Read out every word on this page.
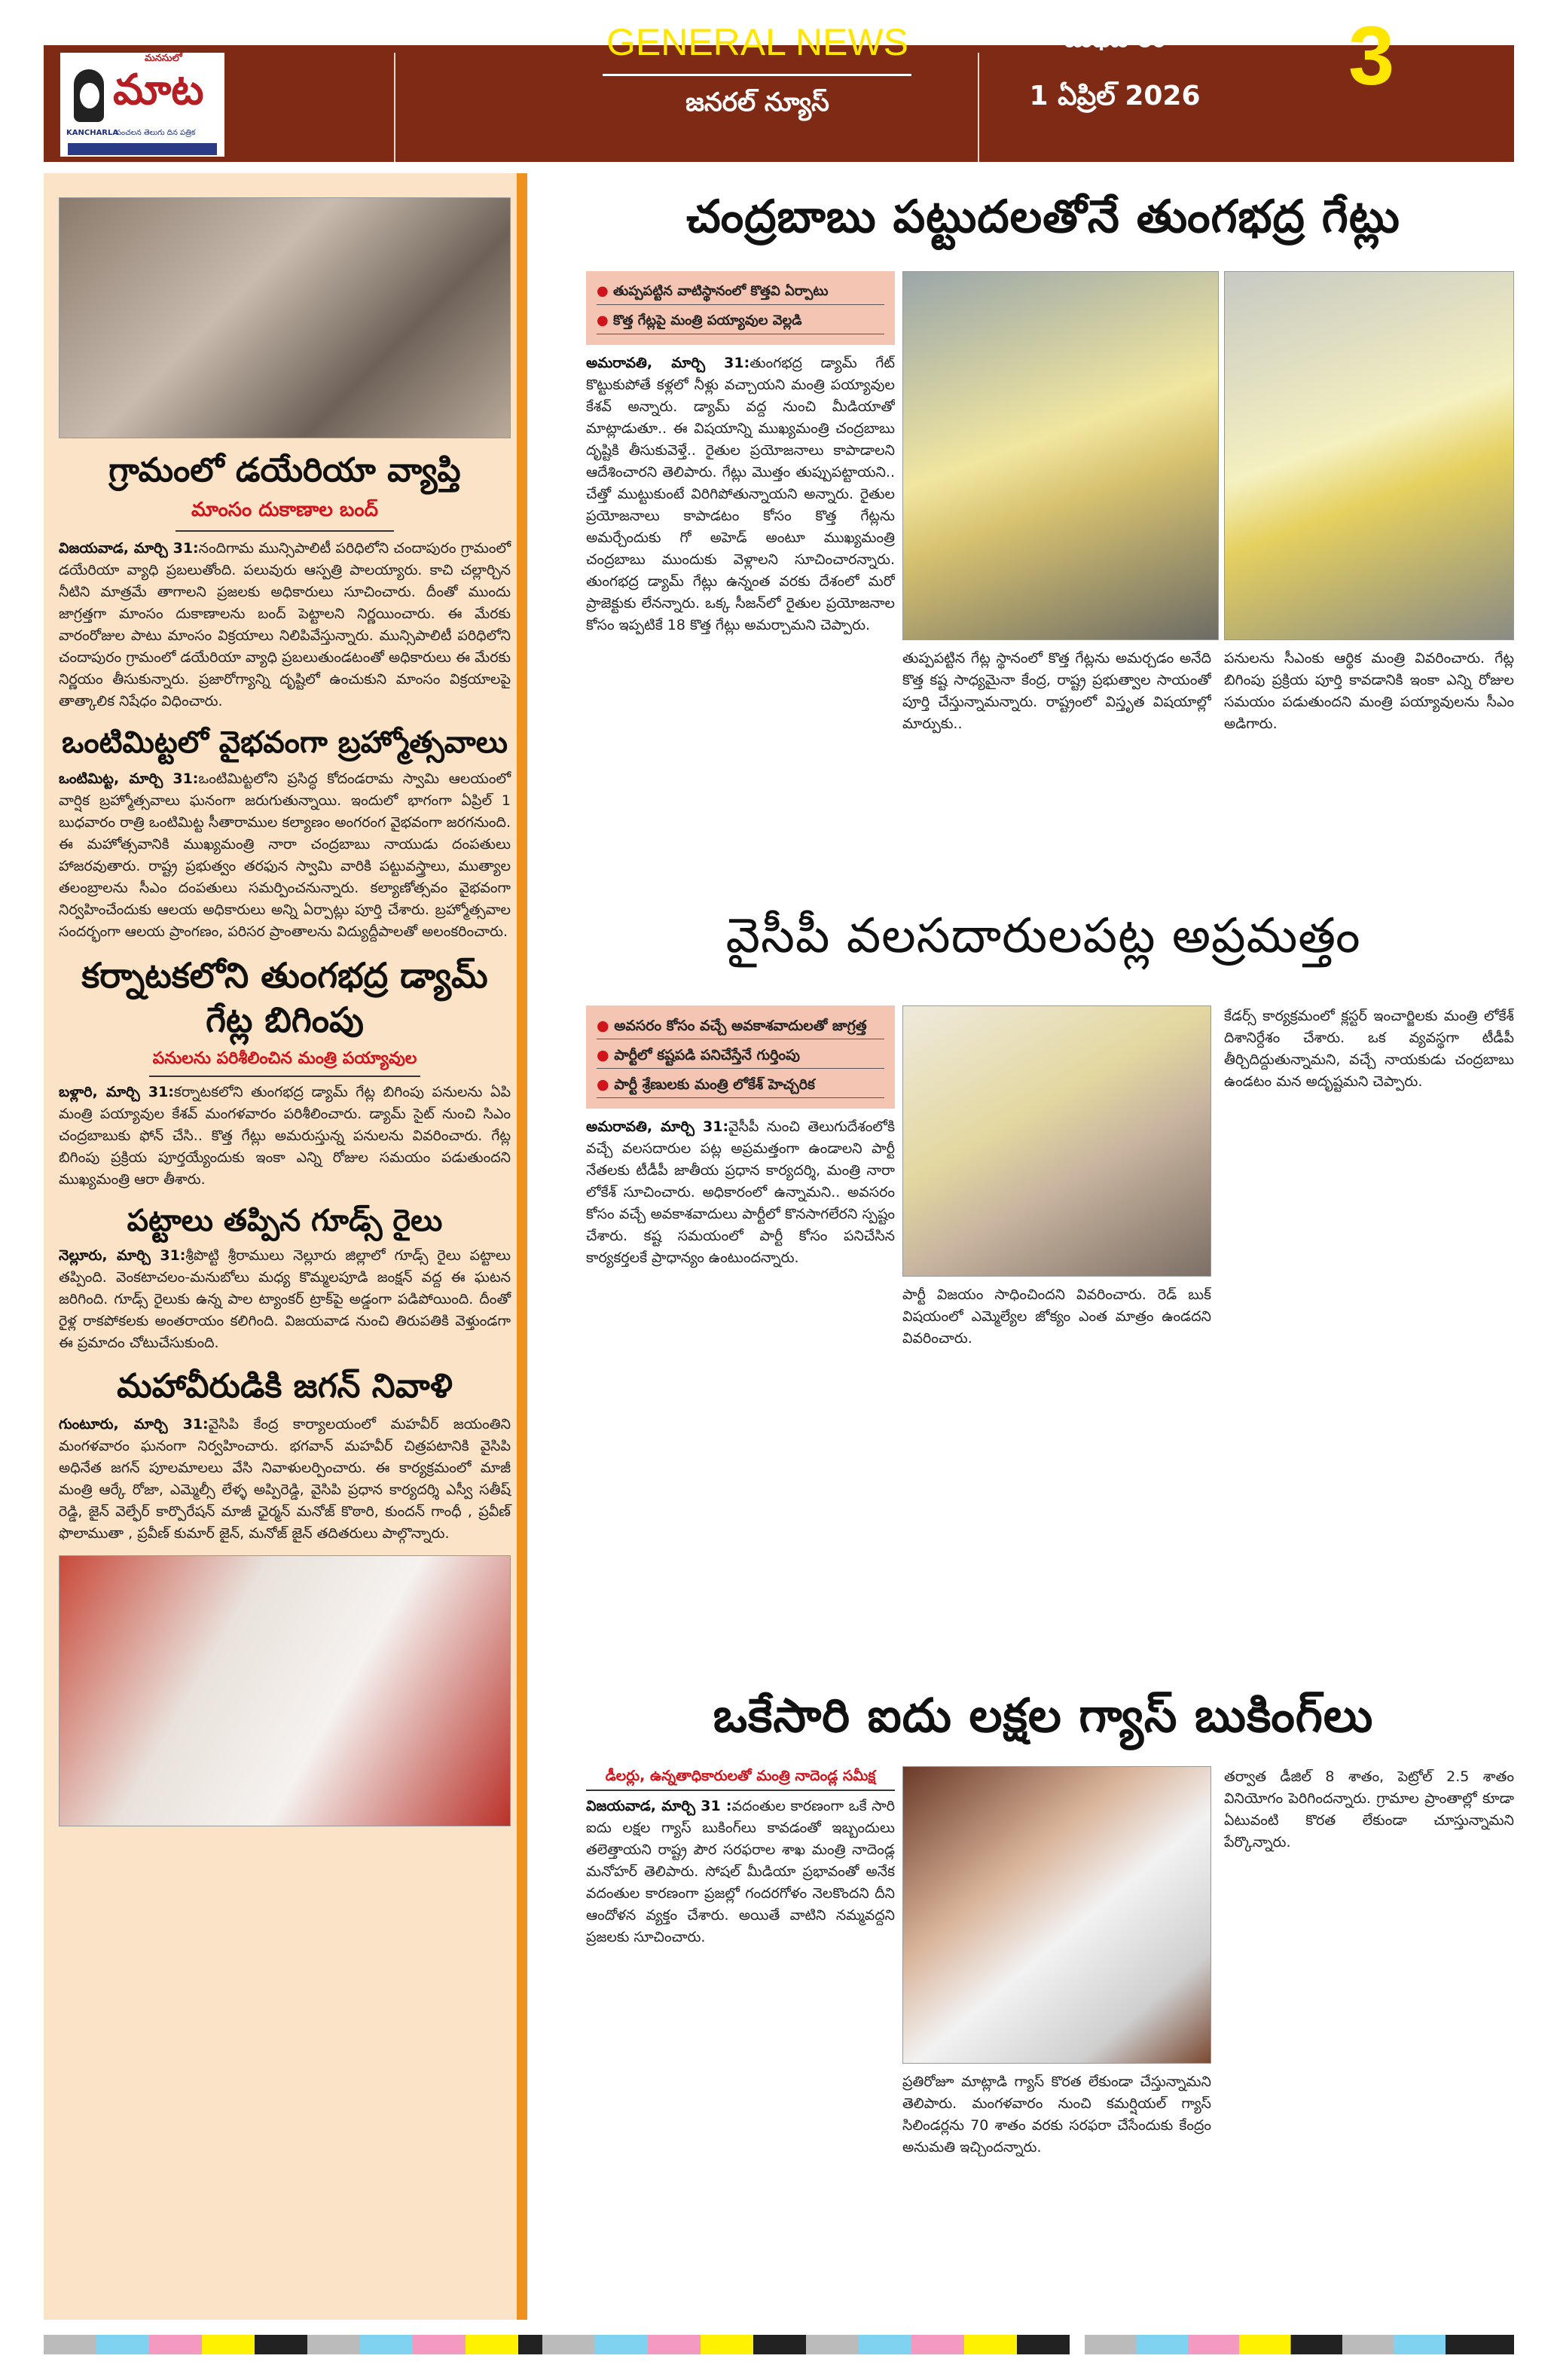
మనసులో
మాట
KANCHARLA
సంచలన తెలుగు దిన పత్రిక
GENERAL NEWS
జనరల్ న్యూస్
బుధవారం
1 ఏప్రిల్ 2026 3
గ్రామంలో డయేరియా వ్యాప్తి
మాంసం దుకాణాల బంద్

విజయవాడ, మార్చి 31:నందిగామ మున్సిపాలిటీ పరిధిలోని చందాపురం గ్రామంలో డయేరియా వ్యాధి ప్రబలుతోంది. పలువురు ఆస్పత్రి పాలయ్యారు. కాచి చల్లార్చిన నీటిని మాత్రమే తాగాలని ప్రజలకు అధికారులు సూచించారు. దీంతో ముందు జాగ్రత్తగా మాంసం దుకాణాలను బంద్ పెట్టాలని నిర్ణయించారు. ఈ మేరకు వారంరోజుల పాటు మాంసం విక్రయాలు నిలిపివేస్తున్నారు. మున్సిపాలిటీ పరిధిలోని చందాపురం గ్రామంలో డయేరియా వ్యాధి ప్రబలుతుండటంతో అధికారులు ఈ మేరకు నిర్ణయం తీసుకున్నారు. ప్రజారోగ్యాన్ని దృష్టిలో ఉంచుకుని మాంసం విక్రయాలపై తాత్కాలిక నిషేధం విధించారు.

ఒంటిమిట్టలో వైభవంగా బ్రహ్మోత్సవాలు

ఒంటిమిట్ట, మార్చి 31:ఒంటిమిట్టలోని ప్రసిద్ధ కోదండరామ స్వామి ఆలయంలో వార్షిక బ్రహ్మోత్సవాలు ఘనంగా జరుగుతున్నాయి. ఇందులో భాగంగా ఏప్రిల్ 1 బుధవారం రాత్రి ఒంటిమిట్ట సీతారాముల కల్యాణం అంగరంగ వైభవంగా జరగనుంది. ఈ మహోత్సవానికి ముఖ్యమంత్రి నారా చంద్రబాబు నాయుడు దంపతులు హాజరవుతారు. రాష్ట్ర ప్రభుత్వం తరఫున స్వామి వారికి పట్టువస్త్రాలు, ముత్యాల తలంబ్రాలను సీఎం దంపతులు సమర్పించనున్నారు. కల్యాణోత్సవం వైభవంగా నిర్వహించేందుకు ఆలయ అధికారులు అన్ని ఏర్పాట్లు పూర్తి చేశారు. బ్రహ్మోత్సవాల సందర్భంగా ఆలయ ప్రాంగణం, పరిసర ప్రాంతాలను విద్యుద్దీపాలతో అలంకరించారు.

కర్నాటకలోని తుంగభద్ర డ్యామ్ గేట్ల బిగింపు
పనులను పరిశీలించిన మంత్రి పయ్యావుల

బళ్లారి, మార్చి 31:కర్నాటకలోని తుంగభద్ర డ్యామ్ గేట్ల బిగింపు పనులను ఏపి మంత్రి పయ్యావుల కేశవ్ మంగళవారం పరిశీలించారు. డ్యామ్ సైట్ నుంచి సిఎం చంద్రబాబుకు ఫోన్ చేసి.. కొత్త గేట్లు అమరుస్తున్న పనులను వివరించారు. గేట్ల బిగింపు ప్రక్రియ పూర్తయ్యేందుకు ఇంకా ఎన్ని రోజుల సమయం పడుతుందని ముఖ్యమంత్రి ఆరా తీశారు.

పట్టాలు తప్పిన గూడ్స్ రైలు

నెల్లూరు, మార్చి 31:శ్రీపొట్టి శ్రీరాములు నెల్లూరు జిల్లాలో గూడ్స్ రైలు పట్టాలు తప్పింది. వెంకటాచలం-మనుబోలు మధ్య కొమ్మలపూడి జంక్షన్ వద్ద ఈ ఘటన జరిగింది. గూడ్స్ రైలుకు ఉన్న పాల ట్యాంకర్ ట్రాక్‌పై అడ్డంగా పడిపోయింది. దీంతో రైళ్ల రాకపోకలకు అంతరాయం కలిగింది. విజయవాడ నుంచి తిరుపతికి వెళ్తుండగా ఈ ప్రమాదం చోటుచేసుకుంది.

మహావీరుడికి జగన్ నివాళి

గుంటూరు, మార్చి 31:వైసిపి కేంద్ర కార్యాలయంలో మహవీర్ జయంతిని మంగళవారం ఘనంగా నిర్వహించారు. భగవాన్ మహవీర్ చిత్రపటానికి వైసిపి అధినేత జగన్ పూలమాలలు వేసి నివాళులర్పించారు. ఈ కార్యక్రమంలో మాజీ మంత్రి ఆర్కే రోజా, ఎమ్మెల్సీ లేళ్ళ అప్పిరెడ్డి, వైసిపి ప్రధాన కార్యదర్శి ఎస్వీ సతీష్ రెడ్డి, జైన్ వెల్ఫేర్ కార్పొరేషన్ మాజీ ఛైర్మన్ మనోజ్ కొఠారి, కుందన్ గాంధీ , ప్రవీణ్ ఫొలాముతా , ప్రవీణ్ కుమార్ జైన్, మనోజ్ జైన్ తదితరులు పాల్గొన్నారు.

చంద్రబాబు పట్టుదలతోనే తుంగభద్ర గేట్లు
● తుప్పపట్టిన వాటిస్థానంలో కొత్తవి ఏర్పాటు
● కొత్త గేట్లపై మంత్రి పయ్యావుల వెల్లడి

అమరావతి, మార్చి 31:తుంగభద్ర డ్యామ్ గేట్ కొట్టుకుపోతే కళ్లలో నీళ్లు వచ్చాయని మంత్రి పయ్యావుల కేశవ్ అన్నారు. డ్యామ్ వద్ద నుంచి మీడియాతో మాట్లాడుతూ.. ఈ విషయాన్ని ముఖ్యమంత్రి చంద్రబాబు దృష్టికి తీసుకువెళ్తే.. రైతుల ప్రయోజనాలు కాపాడాలని ఆదేశించారని తెలిపారు. గేట్లు మొత్తం తుప్పుపట్టాయని.. చేత్తో ముట్టుకుంటే విరిగిపోతున్నాయని అన్నారు. రైతుల ప్రయోజనాలు కాపాడటం కోసం కొత్త గేట్లను అమర్చేందుకు గో అహెడ్ అంటూ ముఖ్యమంత్రి చంద్రబాబు ముందుకు వెళ్లాలని సూచించారన్నారు. తుంగభద్ర డ్యామ్ గేట్లు ఉన్నంత వరకు దేశంలో మరో ప్రాజెక్టుకు లేనన్నారు. ఒక్క సీజన్‌లో రైతుల ప్రయోజనాల కోసం ఇప్పటికే 18 కొత్త గేట్లు అమర్చామని చెప్పారు.

తుప్పపట్టిన గేట్ల స్థానంలో కొత్త గేట్లను అమర్చడం అనేది కొత్త కష్ట సాధ్యమైనా కేంద్ర, రాష్ట్ర ప్రభుత్వాల సాయంతో పూర్తి చేస్తున్నామన్నారు. రాష్ట్రంలో విస్తృత విషయాల్లో మార్పుకు..

పనులను సీఎంకు ఆర్థిక మంత్రి వివరించారు. గేట్ల బిగింపు ప్రక్రియ పూర్తి కావడానికి ఇంకా ఎన్ని రోజుల సమయం పడుతుందని మంత్రి పయ్యావులను సీఎం అడిగారు.

వైసీపీ వలసదారులపట్ల అప్రమత్తం
● అవసరం కోసం వచ్చే అవకాశవాదులతో జాగ్రత్త
● పార్టీలో కష్టపడి పనిచేస్తేనే గుర్తింపు
● పార్టీ శ్రేణులకు మంత్రి లోకేశ్ హెచ్చరిక

అమరావతి, మార్చి 31:వైసీపీ నుంచి తెలుగుదేశంలోకి వచ్చే వలసదారుల పట్ల అప్రమత్తంగా ఉండాలని పార్టీ నేతలకు టీడీపీ జాతీయ ప్రధాన కార్యదర్శి, మంత్రి నారా లోకేశ్ సూచించారు. అధికారంలో ఉన్నామని.. అవసరం కోసం వచ్చే అవకాశవాదులు పార్టీలో కొనసాగలేరని స్పష్టం చేశారు. కష్ట సమయంలో పార్టీ కోసం పనిచేసిన కార్యకర్తలకే ప్రాధాన్యం ఉంటుందన్నారు.

పార్టీ విజయం సాధించిందని వివరించారు. రెడ్ బుక్ విషయంలో ఎమ్మెల్యేల జోక్యం ఎంత మాత్రం ఉండదని వివరించారు.

కేడర్స్ కార్యక్రమంలో క్లస్టర్ ఇంచార్జిలకు మంత్రి లోకేశ్ దిశానిర్దేశం చేశారు. ఒక వ్యవస్థగా టీడీపీ తీర్చిదిద్దుతున్నామని, వచ్చే నాయకుడు చంద్రబాబు ఉండటం మన అదృష్టమని చెప్పారు.

ఒకేసారి ఐదు లక్షల గ్యాస్ బుకింగ్‌లు
డీలర్లు, ఉన్నతాధికారులతో మంత్రి నాదెండ్ల సమీక్ష

విజయవాడ, మార్చి 31 :వదంతుల కారణంగా ఒకే సారి ఐదు లక్షల గ్యాస్ బుకింగ్‌లు కావడంతో ఇబ్బందులు తలెత్తాయని రాష్ట్ర పౌర సరఫరాల శాఖ మంత్రి నాదెండ్ల మనోహర్ తెలిపారు. సోషల్ మీడియా ప్రభావంతో అనేక వదంతుల కారణంగా ప్రజల్లో గందరగోళం నెలకొందని దీని ఆందోళన వ్యక్తం చేశారు. అయితే వాటిని నమ్మవద్దని ప్రజలకు సూచించారు.

ప్రతిరోజూ మాట్లాడి గ్యాస్ కొరత లేకుండా చేస్తున్నామని తెలిపారు. మంగళవారం నుంచి కమర్షియల్ గ్యాస్ సిలిండర్లను 70 శాతం వరకు సరఫరా చేసేందుకు కేంద్రం అనుమతి ఇచ్చిందన్నారు.

తర్వాత డీజిల్ 8 శాతం, పెట్రోల్ 2.5 శాతం వినియోగం పెరిగిందన్నారు. గ్రామాల ప్రాంతాల్లో కూడా ఏటువంటి కొరత లేకుండా చూస్తున్నామని పేర్కొన్నారు.
